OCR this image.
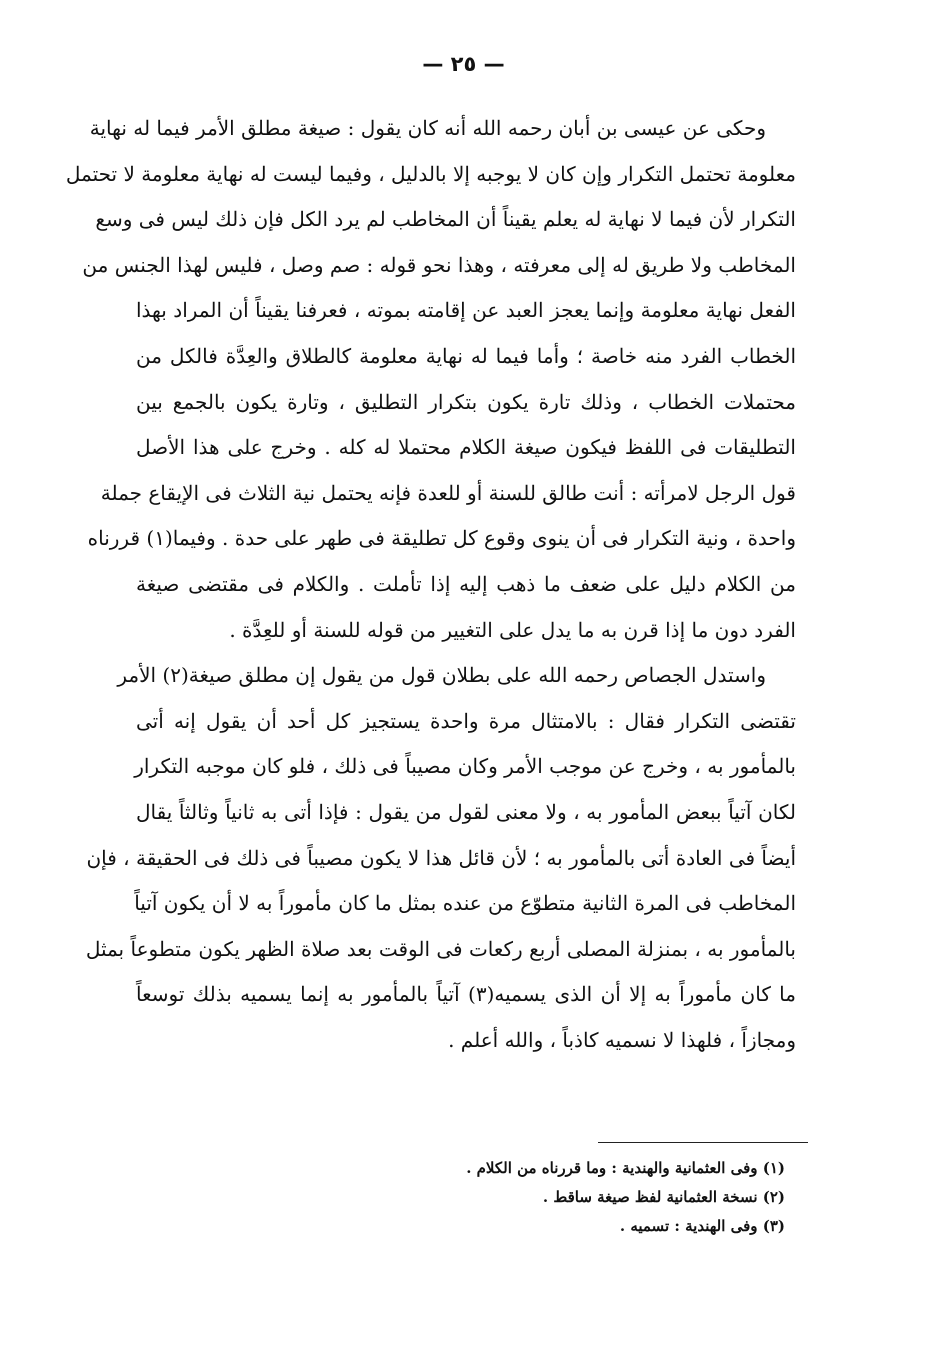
— ٢٥ —
وحكى عن عيسى بن أبان رحمه الله أنه كان يقول : صيغة مطلق الأمر فيما له نهاية
معلومة تحتمل التكرار وإن كان لا يوجبه إلا بالدليل ، وفيما ليست له نهاية معلومة لا تحتمل
التكرار لأن فيما لا نهاية له يعلم يقيناً أن المخاطب لم يرد الكل فإن ذلك ليس فى وسع
المخاطب ولا طريق له إلى معرفته ، وهذا نحو قوله : صم وصل ، فليس لهذا الجنس من
الفعل نهاية معلومة وإنما يعجز العبد عن إقامته بموته ، فعرفنا يقيناً أن المراد بهذا
الخطاب الفرد منه خاصة ؛ وأما فيما له نهاية معلومة كالطلاق والعِدَّة فالكل من
محتملات الخطاب ، وذلك تارة يكون بتكرار التطليق ، وتارة يكون بالجمع بين
التطليقات فى اللفظ فيكون صيغة الكلام محتملا له كله . وخرج على هذا الأصل
قول الرجل لامرأته : أنت طالق للسنة أو للعدة فإنه يحتمل نية الثلاث فى الإيقاع جملة
واحدة ، ونية التكرار فى أن ينوى وقوع كل تطليقة فى طهر على حدة . وفيما(١) قررناه
من الكلام دليل على ضعف ما ذهب إليه إذا تأملت . والكلام فى مقتضى صيغة
الفرد دون ما إذا قرن به ما يدل على التغيير من قوله للسنة أو للعِدَّة .
واستدل الجصاص رحمه الله على بطلان قول من يقول إن مطلق صيغة(٢) الأمر
تقتضى التكرار فقال : بالامتثال مرة واحدة يستجيز كل أحد أن يقول إنه أتى
بالمأمور به ، وخرج عن موجب الأمر وكان مصيباً فى ذلك ، فلو كان موجبه التكرار
لكان آتياً ببعض المأمور به ، ولا معنى لقول من يقول : فإذا أتى به ثانياً وثالثاً يقال
أيضاً فى العادة أتى بالمأمور به ؛ لأن قائل هذا لا يكون مصيباً فى ذلك فى الحقيقة ، فإن
المخاطب فى المرة الثانية متطوّع من عنده بمثل ما كان مأموراً به لا أن يكون آتياً
بالمأمور به ، بمنزلة المصلى أربع ركعات فى الوقت بعد صلاة الظهر يكون متطوعاً بمثل
ما كان مأموراً به إلا أن الذى يسميه(٣) آتياً بالمأمور به إنما يسميه بذلك توسعاً
ومجازاً ، فلهذا لا نسميه كاذباً ، والله أعلم .
(١) وفى العثمانية والهندية : وما قررناه من الكلام .
(٢) نسخة العثمانية لفظ صيغة ساقط .
(٣) وفى الهندية : تسميه .
